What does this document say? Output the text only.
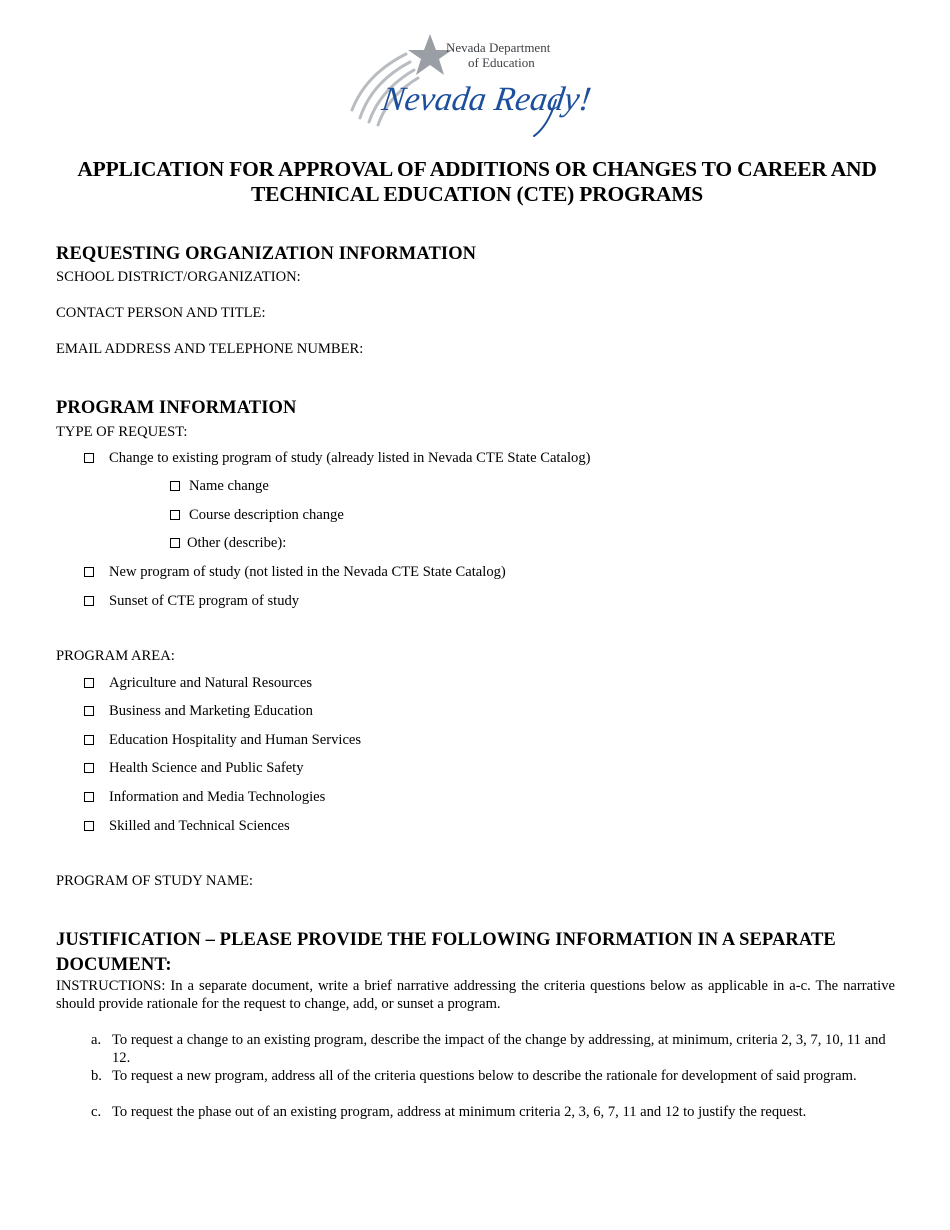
Nevada Department
of Education
Nevada Ready!
APPLICATION FOR APPROVAL OF ADDITIONS OR CHANGES TO CAREER AND
TECHNICAL EDUCATION (CTE) PROGRAMS
REQUESTING ORGANIZATION INFORMATION
SCHOOL DISTRICT/ORGANIZATION:
CONTACT PERSON AND TITLE:
EMAIL ADDRESS AND TELEPHONE NUMBER:
PROGRAM INFORMATION
TYPE OF REQUEST:
Change to existing program of study (already listed in Nevada CTE State Catalog)
Name change
Course description change
Other (describe):
New program of study (not listed in the Nevada CTE State Catalog)
Sunset of CTE program of study
PROGRAM AREA:
Agriculture and Natural Resources
Business and Marketing Education
Education Hospitality and Human Services
Health Science and Public Safety
Information and Media Technologies
Skilled and Technical Sciences
PROGRAM OF STUDY NAME:
JUSTIFICATION – PLEASE PROVIDE THE FOLLOWING INFORMATION IN A SEPARATE
DOCUMENT:
INSTRUCTIONS: In a separate document, write a brief narrative addressing the criteria questions below as applicable in a-c. The narrative should provide rationale for the request to change, add, or sunset a program.
a. To request a change to an existing program, describe the impact of the change by addressing, at minimum, criteria 2, 3, 7, 10, 11 and 12.
b. To request a new program, address all of the criteria questions below to describe the rationale for development of said program.
c. To request the phase out of an existing program, address at minimum criteria 2, 3, 6, 7, 11 and 12 to justify the request.
